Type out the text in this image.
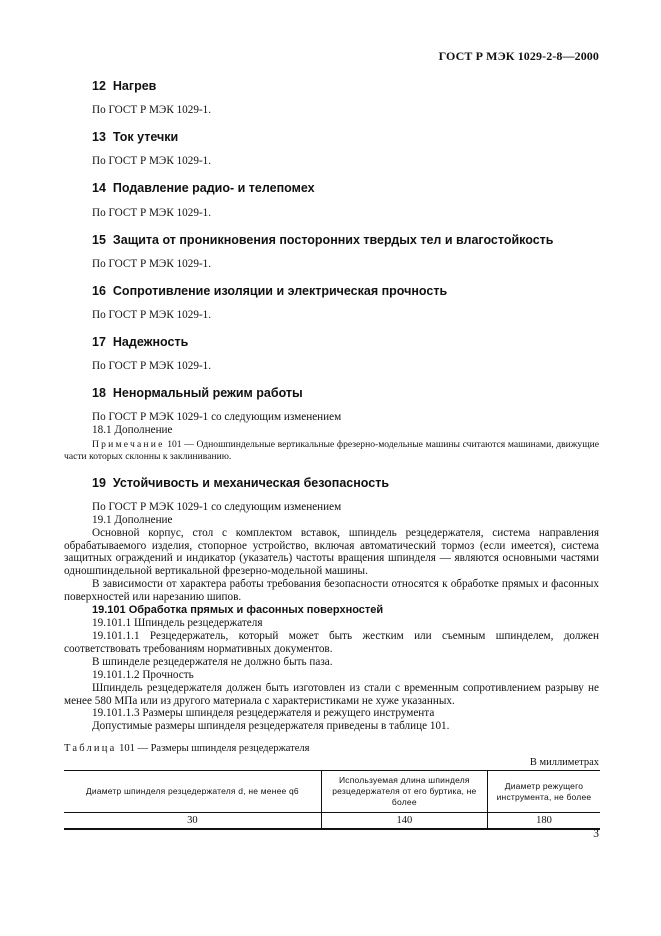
ГОСТ Р МЭК 1029-2-8—2000
12 Нагрев
По ГОСТ Р МЭК 1029-1.
13 Ток утечки
По ГОСТ Р МЭК 1029-1.
14 Подавление радио- и телепомех
По ГОСТ Р МЭК 1029-1.
15 Защита от проникновения посторонних твердых тел и влагостойкость
По ГОСТ Р МЭК 1029-1.
16 Сопротивление изоляции и электрическая прочность
По ГОСТ Р МЭК 1029-1.
17 Надежность
По ГОСТ Р МЭК 1029-1.
18 Ненормальный режим работы
По ГОСТ Р МЭК 1029-1 со следующим изменением
18.1 Дополнение
Примечание 101 — Одношпиндельные вертикальные фрезерно-модельные машины считаются машинами, движущие части которых склонны к заклиниванию.
19 Устойчивость и механическая безопасность
По ГОСТ Р МЭК 1029-1 со следующим изменением
19.1 Дополнение
Основной корпус, стол с комплектом вставок, шпиндель резцедержателя, система направления обрабатываемого изделия, стопорное устройство, включая автоматический тормоз (если имеется), система защитных ограждений и индикатор (указатель) частоты вращения шпинделя — являются основными частями одношпиндельной вертикальной фрезерно-модельной машины.
В зависимости от характера работы требования безопасности относятся к обработке прямых и фасонных поверхностей или нарезанию шипов.
19.101 Обработка прямых и фасонных поверхностей
19.101.1 Шпиндель резцедержателя
19.101.1.1 Резцедержатель, который может быть жестким или съемным шпинделем, должен соответствовать требованиям нормативных документов.
В шпинделе резцедержателя не должно быть паза.
19.101.1.2 Прочность
Шпиндель резцедержателя должен быть изготовлен из стали с временным сопротивлением разрыву не менее 580 МПа или из другого материала с характеристиками не хуже указанных.
19.101.1.3 Размеры шпинделя резцедержателя и режущего инструмента
Допустимые размеры шпинделя резцедержателя приведены в таблице 101.
Таблица 101 — Размеры шпинделя резцедержателя
В миллиметрах
Диаметр шпинделя резцедержателя d, не менее q6	Используемая длина шпинделя резцедержателя от его буртика, не более	Диаметр режущего инструмента, не более
30	140	180
3
